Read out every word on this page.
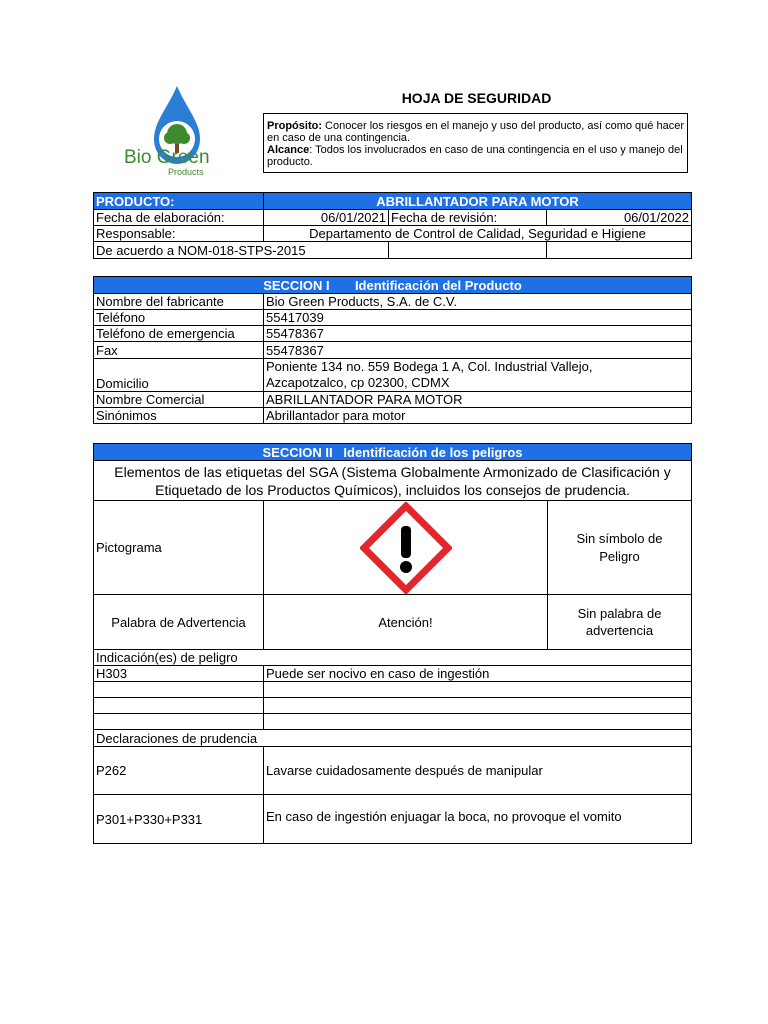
Bio Green
Products
HOJA DE SEGURIDAD
Propósito: Conocer los riesgos en el manejo y uso del producto, así como qué hacer en caso de una contingencia.
Alcance: Todos los involucrados en caso de una contingencia en el uso y manejo del producto.
PRODUCTO:	ABRILLANTADOR PARA MOTOR		
Fecha de elaboración:	06/01/2021	Fecha de revisión:	06/01/2022
Responsable:	Departamento de Control de Calidad, Seguridad e Higiene		
De acuerdo a NOM-018-STPS-2015			
SECCION I       Identificación del Producto	
Nombre del fabricante	Bio Green Products, S.A. de C.V.
Teléfono	55417039
Teléfono de emergencia	55478367
Fax	55478367
Domicilio	Poniente 134 no. 559 Bodega 1 A, Col. Industrial Vallejo,
Azcapotzalco, cp 02300, CDMX
Nombre Comercial	ABRILLANTADOR PARA MOTOR
Sinónimos	Abrillantador para motor
SECCION II   Identificación de los peligros		
Elementos de las etiquetas del SGA (Sistema Globalmente Armonizado de Clasificación y
Etiquetado de los Productos Químicos), incluidos los consejos de prudencia.		
Pictograma		Sin símbolo de
Peligro
Palabra de Advertencia	Atención!	Sin palabra de
advertencia
Indicación(es) de peligro		
H303	Puede ser nocivo en caso de ingestión	

Declaraciones de prudencia		
P262	Lavarse cuidadosamente después de manipular	
P301+P330+P331	En caso de ingestión enjuagar la boca, no provoque el vomito	
